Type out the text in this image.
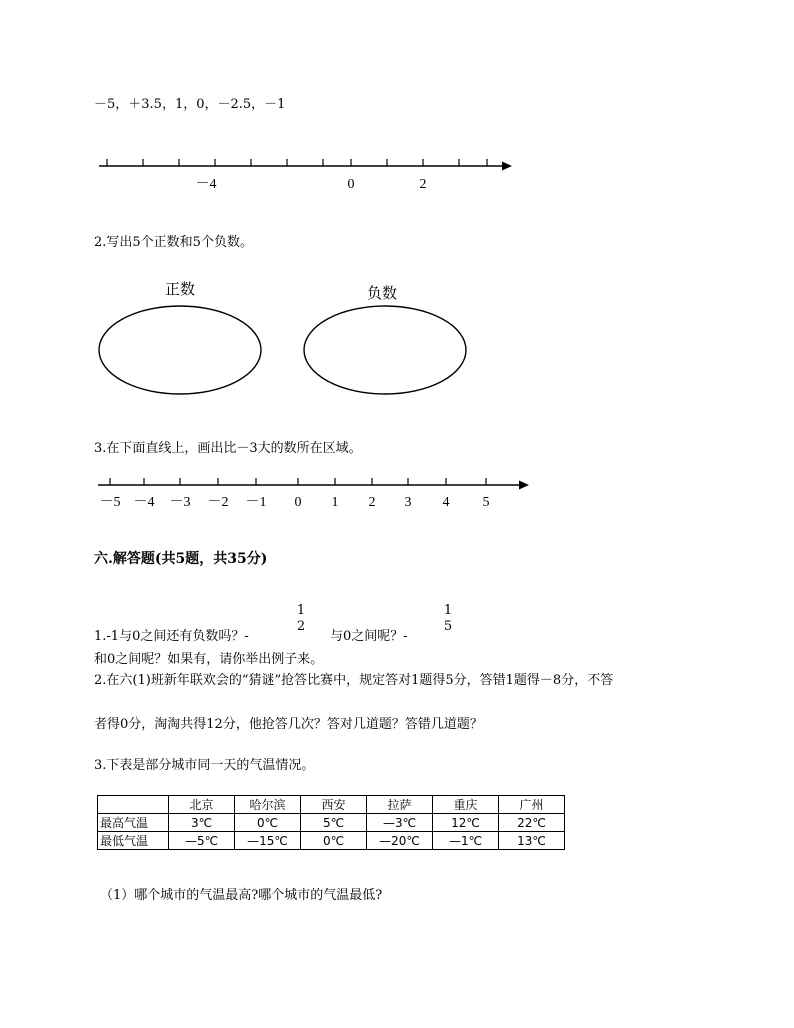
－5，＋3.5，1，0，－2.5，－1
－4	0	2
2.写出5个正数和5个负数。
正数	负数
3.在下面直线上，画出比－3大的数所在区域。
－5 －4 －3 －2 －1 0 1 2 3 4 5
六.解答题(共5题，共35分)
1.-1与0之间还有负数吗？-
1
2
与0之间呢？-
1
5
和0之间呢？如果有，请你举出例子来。
2.在六(1)班新年联欢会的“猜谜”抢答比赛中，规定答对1题得5分，答错1题得－8分，不答
者得0分，淘淘共得12分，他抢答几次？答对几道题？答错几道题？
3.下表是部分城市同一天的气温情况。
	北京	哈尔滨	西安	拉萨	重庆	广州
最高气温	3℃	0℃	5℃	—3℃	12℃	22℃
最低气温	—5℃	—15℃	0℃	—20℃	—1℃	13℃
（1）哪个城市的气温最高?哪个城市的气温最低?
